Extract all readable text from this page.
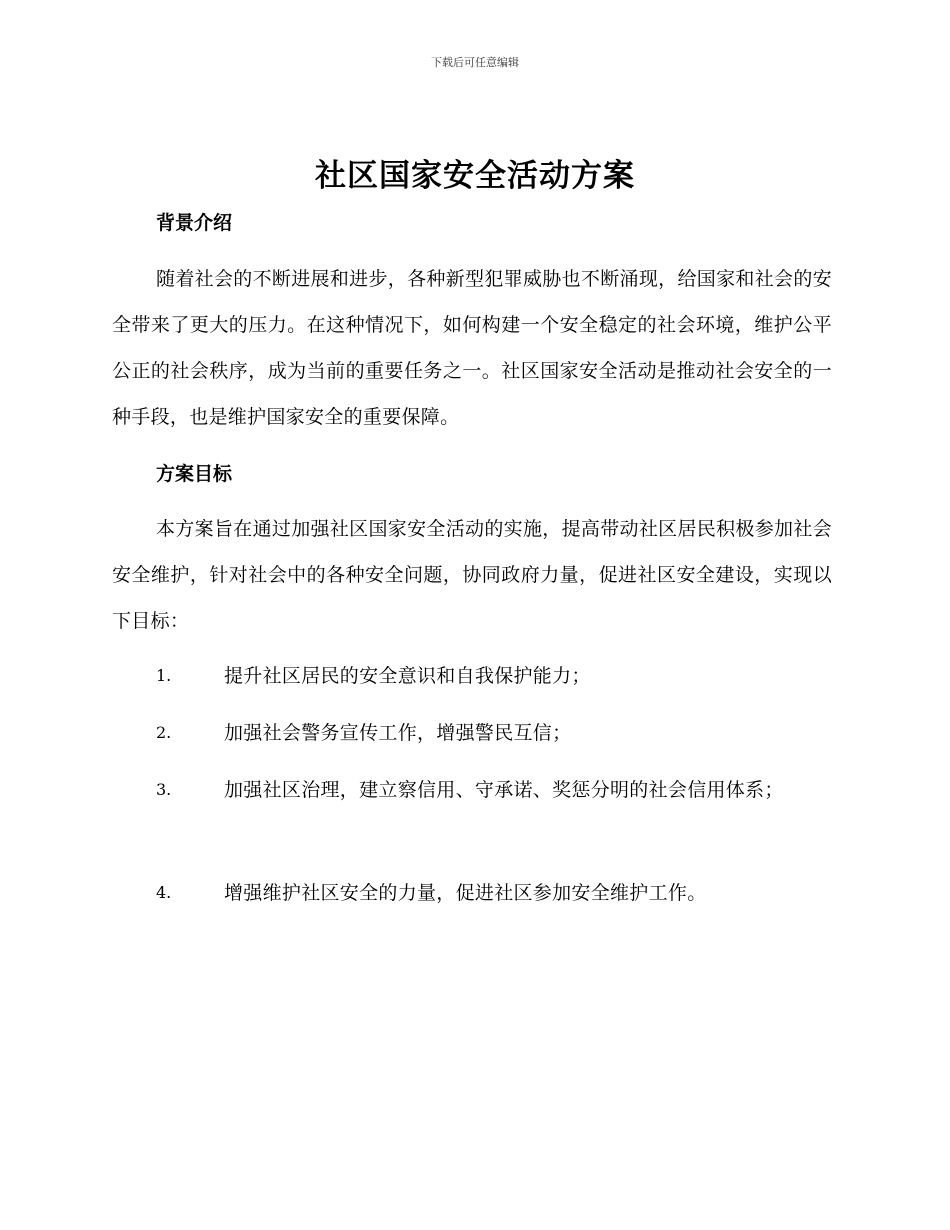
下载后可任意编辑
社区国家安全活动方案
背景介绍
随着社会的不断进展和进步，各种新型犯罪威胁也不断涌现，给国家和社会的安全带来了更大的压力。在这种情况下，如何构建一个安全稳定的社会环境，维护公平公正的社会秩序，成为当前的重要任务之一。社区国家安全活动是推动社会安全的一种手段，也是维护国家安全的重要保障。
方案目标
本方案旨在通过加强社区国家安全活动的实施，提高带动社区居民积极参加社会安全维护，针对社会中的各种安全问题，协同政府力量，促进社区安全建设，实现以下目标：
1.	提升社区居民的安全意识和自我保护能力；
2.	加强社会警务宣传工作，增强警民互信；
3.	加强社区治理，建立察信用、守承诺、奖惩分明的社会信用体系；
4.	增强维护社区安全的力量，促进社区参加安全维护工作。
